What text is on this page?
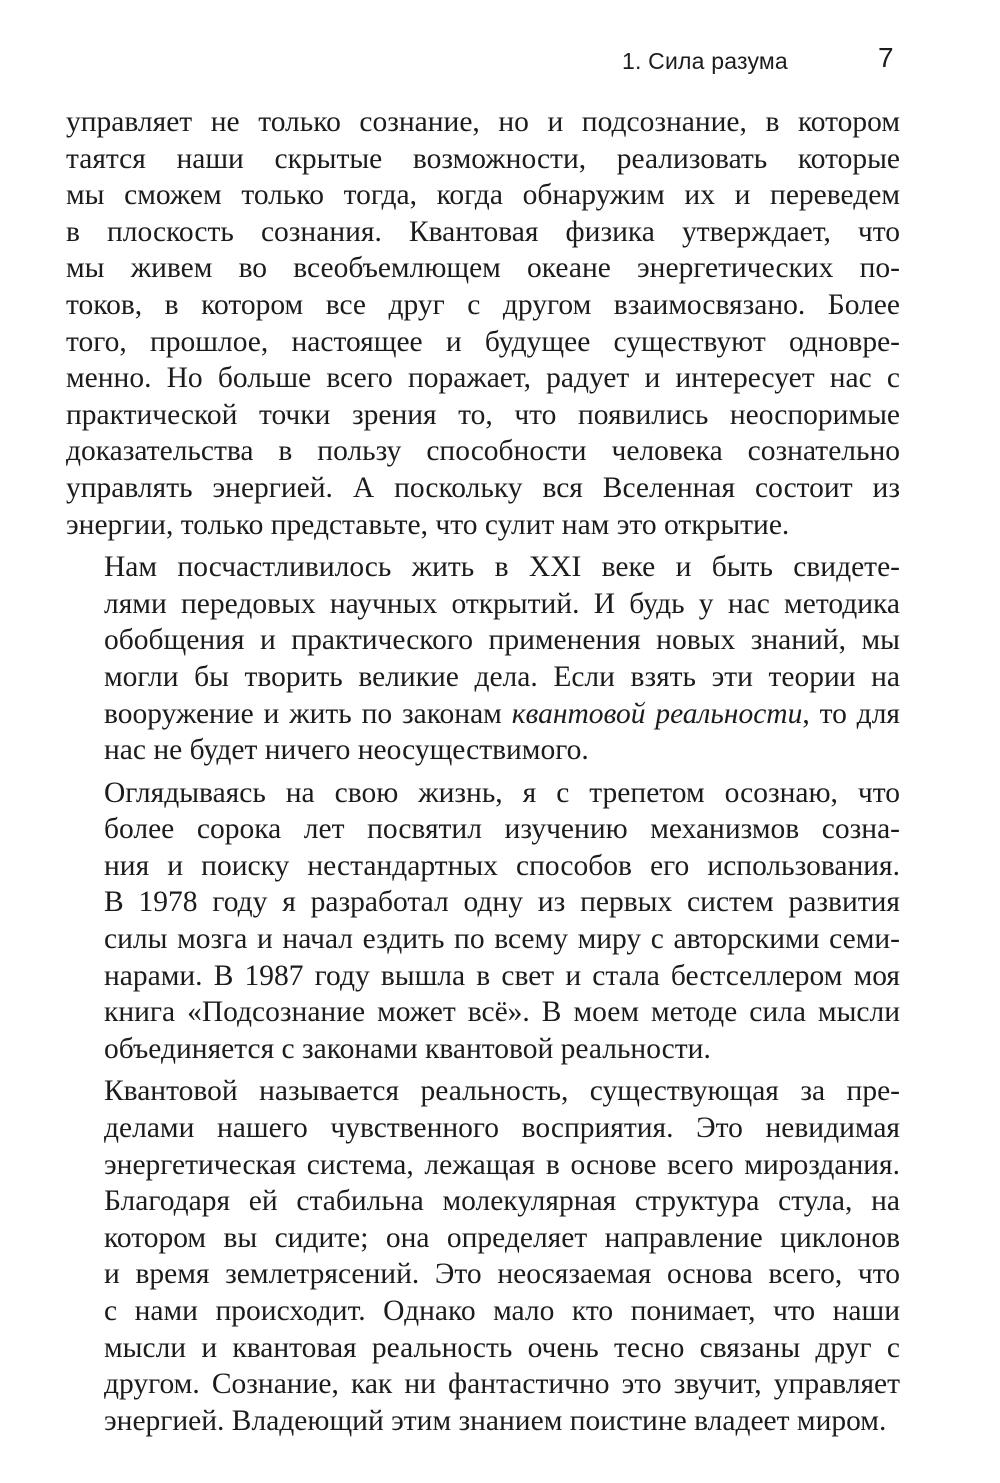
1. Сила разума	7

управляет не только сознание, но и подсознание, в котором
таятся наши скрытые возможности, реализовать которые
мы сможем только тогда, когда обнаружим их и переведем
в плоскость сознания. Квантовая физика утверждает, что
мы живем во всеобъемлющем океане энергетических по-
токов, в котором все друг с другом взаимосвязано. Более
того, прошлое, настоящее и будущее существуют одновре-
менно. Но больше всего поражает, радует и интересует нас с
практической точки зрения то, что появились неоспоримые
доказательства в пользу способности человека сознательно
управлять энергией. А поскольку вся Вселенная состоит из
энергии, только представьте, что сулит нам это открытие.

Нам посчастливилось жить в XXI веке и быть свидете-
лями передовых научных открытий. И будь у нас методика
обобщения и практического применения новых знаний, мы
могли бы творить великие дела. Если взять эти теории на
вооружение и жить по законам квантовой реальности, то для
нас не будет ничего неосуществимого.

Оглядываясь на свою жизнь, я с трепетом осознаю, что
более сорока лет посвятил изучению механизмов созна-
ния и поиску нестандартных способов его использования.
В 1978 году я разработал одну из первых систем развития
силы мозга и начал ездить по всему миру с авторскими семи-
нарами. В 1987 году вышла в свет и стала бестселлером моя
книга «Подсознание может всё». В моем методе сила мысли
объединяется с законами квантовой реальности.

Квантовой называется реальность, существующая за пре-
делами нашего чувственного восприятия. Это невидимая
энергетическая система, лежащая в основе всего мироздания.
Благодаря ей стабильна молекулярная структура стула, на
котором вы сидите; она определяет направление циклонов
и время землетрясений. Это неосязаемая основа всего, что
с нами происходит. Однако мало кто понимает, что наши
мысли и квантовая реальность очень тесно связаны друг с
другом. Сознание, как ни фантастично это звучит, управляет
энергией. Владеющий этим знанием поистине владеет миром.
